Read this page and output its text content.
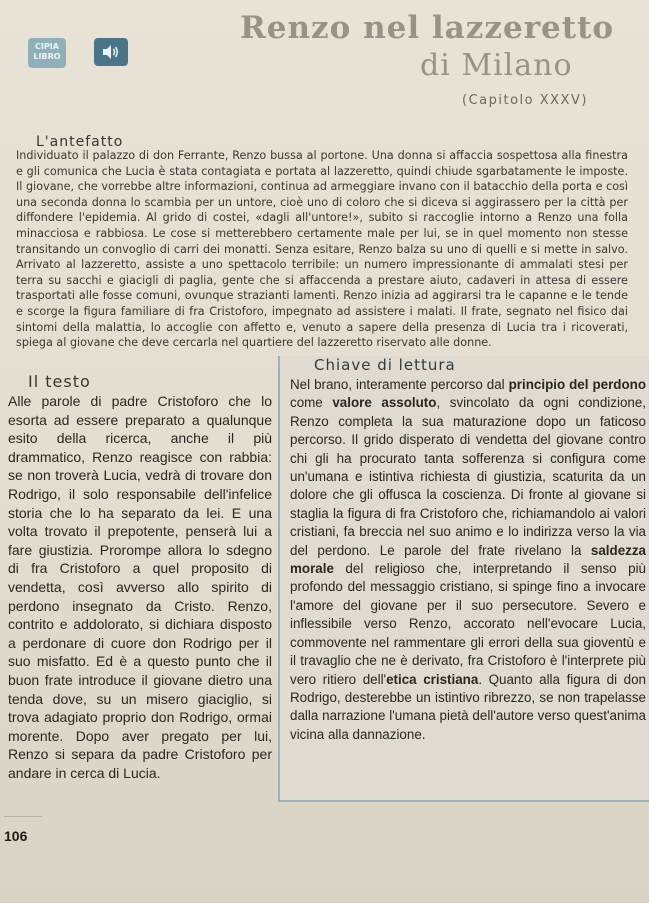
CIPIA LIBRO
Renzo nel lazzeretto
di Milano
(Capitolo XXXV)
L'antefatto

Individuato il palazzo di don Ferrante, Renzo bussa al portone. Una donna si affaccia sospettosa alla finestra e gli comunica che Lucia è stata contagiata e portata al lazzeretto, quindi chiude sgarbatamente le imposte. Il giovane, che vorrebbe altre informazioni, continua ad armeggiare invano con il batacchio della porta e così una seconda donna lo scambia per un untore, cioè uno di coloro che si diceva si aggirassero per la città per diffondere l'epidemia. Al grido di costei, «dagli all'untore!», subito si raccoglie intorno a Renzo una folla minacciosa e rabbiosa. Le cose si metterebbero certamente male per lui, se in quel momento non stesse transitando un convoglio di carri dei monatti. Senza esitare, Renzo balza su uno di quelli e si mette in salvo. Arrivato al lazzeretto, assiste a uno spettacolo terribile: un numero impressionante di ammalati stesi per terra su sacchi e giacigli di paglia, gente che si affaccenda a prestare aiuto, cadaveri in attesa di essere trasportati alle fosse comuni, ovunque strazianti lamenti. Renzo inizia ad aggirarsi tra le capanne e le tende e scorge la figura familiare di fra Cristoforo, impegnato ad assistere i malati. Il frate, segnato nel fisico dai sintomi della malattia, lo accoglie con affetto e, venuto a sapere della presenza di Lucia tra i ricoverati, spiega al giovane che deve cercarla nel quartiere del lazzeretto riservato alle donne.

Chiave di lettura

Nel brano, interamente percorso dal principio del perdono come valore assoluto, svincolato da ogni condizione, Renzo completa la sua maturazione dopo un faticoso percorso. Il grido disperato di vendetta del giovane contro chi gli ha procurato tanta sofferenza si configura come un'umana e istintiva richiesta di giustizia, scaturita da un dolore che gli offusca la coscienza. Di fronte al giovane si staglia la figura di fra Cristoforo che, richiamandolo ai valori cristiani, fa breccia nel suo animo e lo indirizza verso la via del perdono. Le parole del frate rivelano la saldezza morale del religioso che, interpretando il senso più profondo del messaggio cristiano, si spinge fino a invocare l'amore del giovane per il suo persecutore. Severo e inflessibile verso Renzo, accorato nell'evocare Lucia, commovente nel rammentare gli errori della sua gioventù e il travaglio che ne è derivato, fra Cristoforo è l'interprete più vero ritiero dell'etica cristiana. Quanto alla figura di don Rodrigo, desterebbe un istintivo ribrezzo, se non trapelasse dalla narrazione l'umana pietà dell'autore verso quest'anima vicina alla dannazione.

Il testo

Alle parole di padre Cristoforo che lo esorta ad essere preparato a qualunque esito della ricerca, anche il più drammatico, Renzo reagisce con rabbia: se non troverà Lucia, vedrà di trovare don Rodrigo, il solo responsabile dell'infelice storia che lo ha separato da lei. E una volta trovato il prepotente, penserà lui a fare giustizia. Prorompe allora lo sdegno di fra Cristoforo a quel proposito di vendetta, così avverso allo spirito di perdono insegnato da Cristo. Renzo, contrito e addolorato, si dichiara disposto a perdonare di cuore don Rodrigo per il suo misfatto. Ed è a questo punto che il buon frate introduce il giovane dietro una tenda dove, su un misero giaciglio, si trova adagiato proprio don Rodrigo, ormai morente. Dopo aver pregato per lui, Renzo si separa da padre Cristoforo per andare in cerca di Lucia.

106
